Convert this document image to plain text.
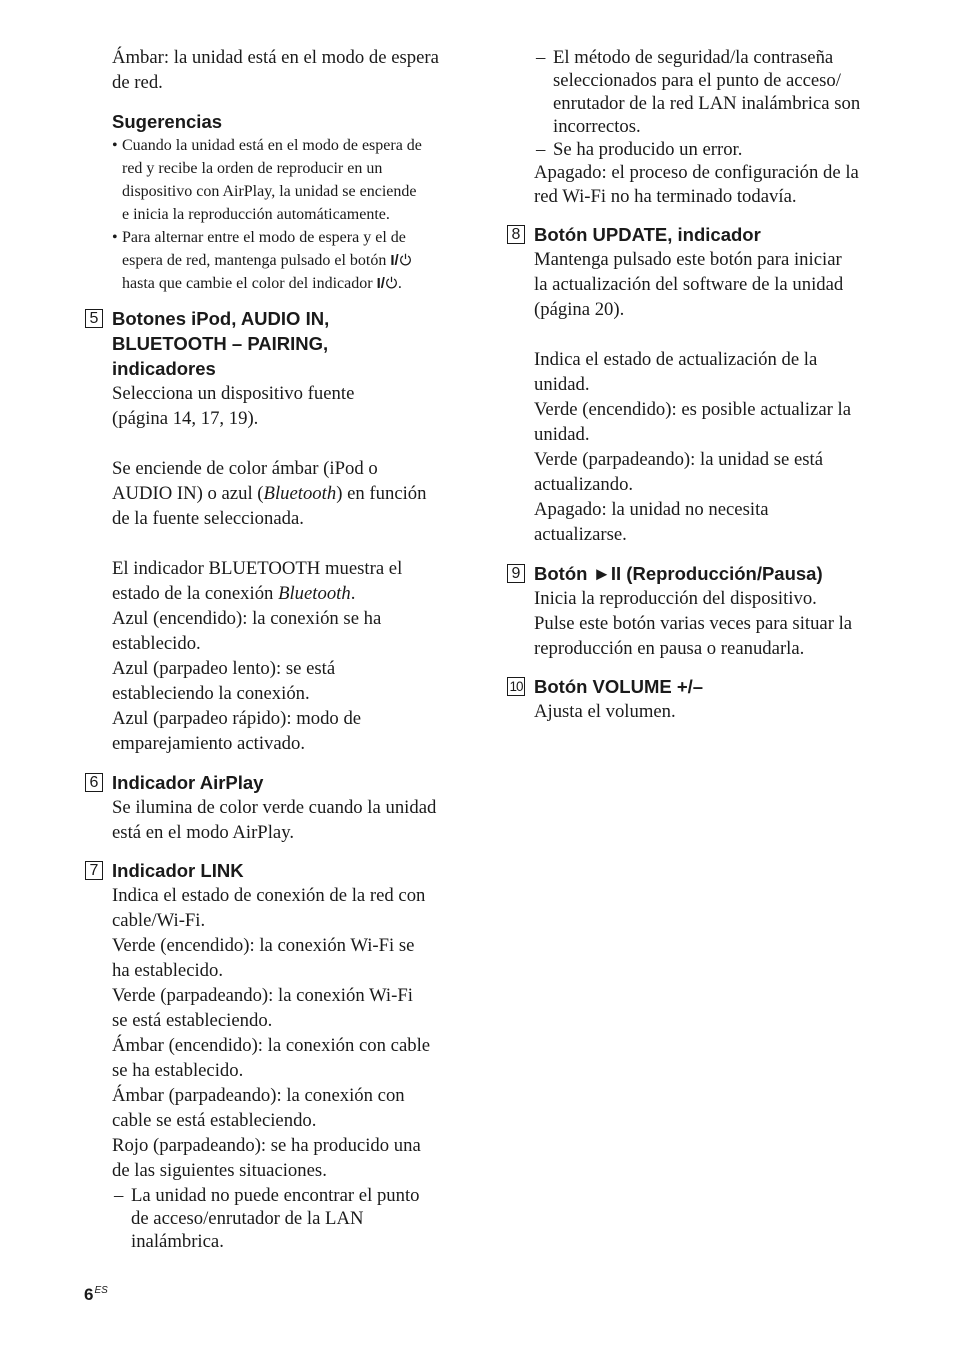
Ámbar: la unidad está en el modo de espera

de red.

Sugerencias
• Cuando la unidad está en el modo de espera de

red y recibe la orden de reproducir en un

dispositivo con AirPlay, la unidad se enciende

e inicia la reproducción automáticamente.

• Para alternar entre el modo de espera y el de

espera de red, mantenga pulsado el botón I/

hasta que cambie el color del indicador I/ .

5 Botones iPod, AUDIO IN,
BLUETOOTH – PAIRING,
indicadores

Selecciona un dispositivo fuente

(página 14, 17, 19).

Se enciende de color ámbar (iPod o

AUDIO IN) o azul (Bluetooth) en función

de la fuente seleccionada.

El indicador BLUETOOTH muestra el

estado de la conexión Bluetooth.

Azul (encendido): la conexión se ha

establecido.

Azul (parpadeo lento): se está

estableciendo la conexión.

Azul (parpadeo rápido): modo de

emparejamiento activado.

6 Indicador AirPlay

Se ilumina de color verde cuando la unidad

está en el modo AirPlay.

7 Indicador LINK

Indica el estado de conexión de la red con

cable/Wi-Fi.

Verde (encendido): la conexión Wi-Fi se

ha establecido.

Verde (parpadeando): la conexión Wi-Fi

se está estableciendo.

Ámbar (encendido): la conexión con cable

se ha establecido.

Ámbar (parpadeando): la conexión con

cable se está estableciendo.

Rojo (parpadeando): se ha producido una

de las siguientes situaciones.

– La unidad no puede encontrar el punto

de acceso/enrutador de la LAN

inalámbrica.

– El método de seguridad/la contraseña

seleccionados para el punto de acceso/

enrutador de la red LAN inalámbrica son

incorrectos.

– Se ha producido un error.

Apagado: el proceso de configuración de la

red Wi-Fi no ha terminado todavía.

8 Botón UPDATE, indicador

Mantenga pulsado este botón para iniciar

la actualización del software de la unidad

(página 20).

Indica el estado de actualización de la

unidad.

Verde (encendido): es posible actualizar la

unidad.

Verde (parpadeando): la unidad se está

actualizando.

Apagado: la unidad no necesita

actualizarse.

9 Botón ►II (Reproducción/Pausa)

Inicia la reproducción del dispositivo.

Pulse este botón varias veces para situar la

reproducción en pausa o reanudarla.

10 Botón VOLUME +/–

Ajusta el volumen.

$6^{ES}$
